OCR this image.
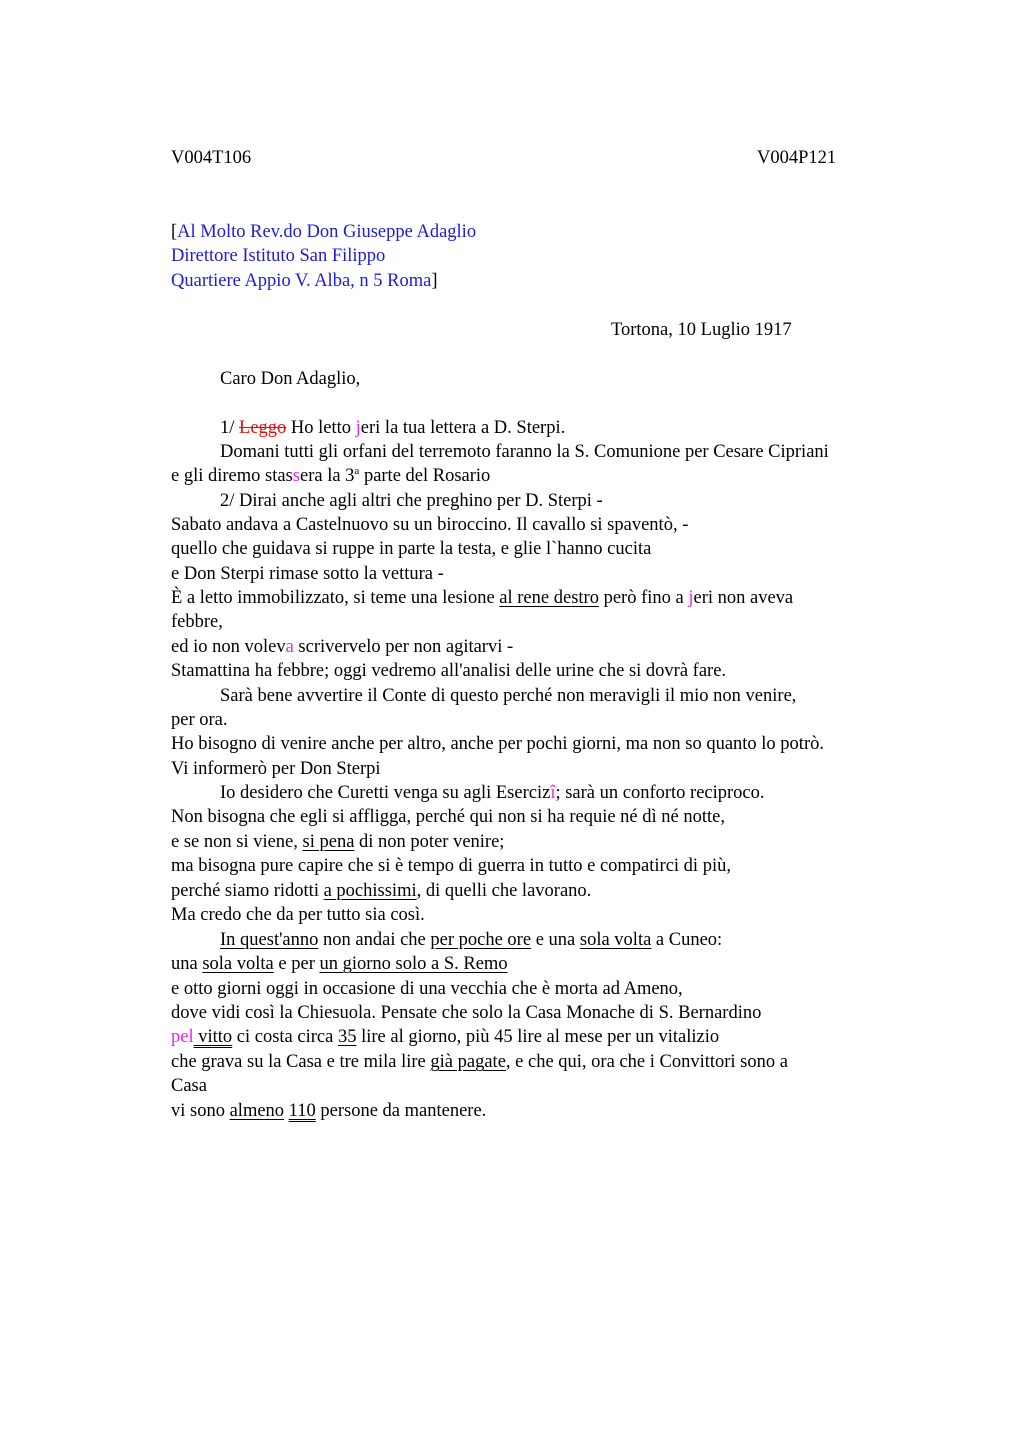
V004T106	V004P121
[Al Molto Rev.do Don Giuseppe Adaglio
Direttore Istituto San Filippo
Quartiere Appio V. Alba, n 5 Roma]
Tortona, 10 Luglio 1917
Caro Don Adaglio,
1/ Leggo Ho letto jeri la tua lettera a D. Sterpi.
Domani tutti gli orfani del terremoto faranno la S. Comunione per Cesare Cipriani
e gli diremo stassera la 3$^a$ parte del Rosario
2/ Dirai anche agli altri che preghino per D. Sterpi -
Sabato andava a Castelnuovo su un biroccino. Il cavallo si spaventò, -
quello che guidava si ruppe in parte la testa, e glie l`hanno cucita
e Don Sterpi rimase sotto la vettura -
È a letto immobilizzato, si teme una lesione al rene destro però fino a jeri non aveva
febbre,
ed io non voleva scrivervelo per non agitarvi -
Stamattina ha febbre; oggi vedremo all'analisi delle urine che si dovrà fare.
Sarà bene avvertire il Conte di questo perché non meravigli il mio non venire,
per ora.
Ho bisogno di venire anche per altro, anche per pochi giorni, ma non so quanto lo potrò.
Vi informerò per Don Sterpi
Io desidero che Curetti venga su agli Esercizî; sarà un conforto reciproco.
Non bisogna che egli si affligga, perché qui non si ha requie né dì né notte,
e se non si viene, si pena di non poter venire;
ma bisogna pure capire che si è tempo di guerra in tutto e compatirci di più,
perché siamo ridotti a pochissimi, di quelli che lavorano.
Ma credo che da per tutto sia così.
In quest'anno non andai che per poche ore e una sola volta a Cuneo:
una sola volta e per un giorno solo a S. Remo
e otto giorni oggi in occasione di una vecchia che è morta ad Ameno,
dove vidi così la Chiesuola. Pensate che solo la Casa Monache di S. Bernardino
pel vitto ci costa circa 35 lire al giorno, più 45 lire al mese per un vitalizio
che grava su la Casa e tre mila lire già pagate, e che qui, ora che i Convittori sono a
Casa
vi sono almeno 110 persone da mantenere.
